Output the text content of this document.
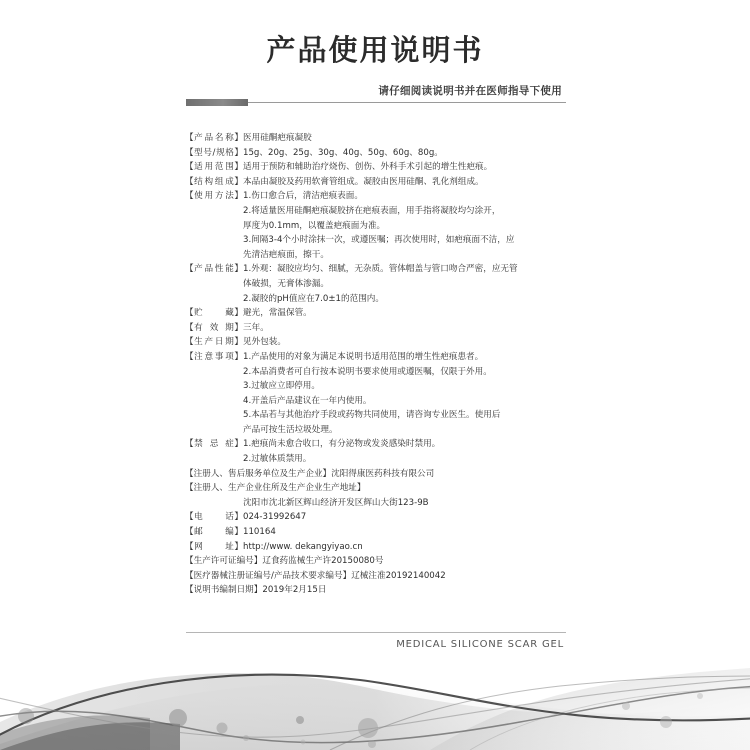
产品使用说明书
请仔细阅读说明书并在医师指导下使用
【 产 品 名 称 】 医用硅酮疤痕凝胶
【 型 号 / 规 格 】 15g、20g、25g、30g、40g、50g、60g、80g。
【 适 用 范 围 】 适用于预防和辅助治疗烧伤、创伤、外科手术引起的增生性疤痕。
【 结 构 组 成 】 本品由凝胶及药用软膏管组成。凝胶由医用硅酮、乳化剂组成。
【 使 用 方 法 】 1.伤口愈合后，清洁疤痕表面。
2.将适量医用硅酮疤痕凝胶挤在疤痕表面，用手指将凝胶均匀涂开，
厚度为0.1mm，以覆盖疤痕面为准。
3.间隔3-4个小时涂抹一次，或遵医嘱；再次使用时，如疤痕面不洁，应
先清洁疤痕面，擦干。
【 产 品 性 能 】 1.外观：凝胶应均匀、细腻，无杂质。管体帽盖与管口吻合严密，应无管
体破损，无膏体渗漏。
2.凝胶的pH值应在7.0±1的范围内。
【 贮	藏 】 避光，常温保管。
【 有 效 期 】 三年。
【 生 产 日 期 】 见外包装。
【 注 意 事 项 】 1.产品使用的对象为满足本说明书适用范围的增生性疤痕患者。
2.本品消费者可自行按本说明书要求使用或遵医嘱，仅限于外用。
3.过敏应立即停用。
4.开盖后产品建议在一年内使用。
5.本品若与其他治疗手段或药物共同使用，请咨询专业医生。使用后
产品可按生活垃圾处理。
【 禁 忌 症 】 1.疤痕尚未愈合收口，有分泌物或发炎感染时禁用。
2.过敏体质禁用。
【注册人、售后服务单位及生产企业】沈阳得康医药科技有限公司
【注册人、生产企业住所及生产企业生产地址】
沈阳市沈北新区辉山经济开发区辉山大街123-9B
【 电	话 】 024-31992647
【 邮	编 】 110164
【 网	址 】 http://www. dekangyiyao.cn
【生产许可证编号】辽食药监械生产许20150080号
【医疗器械注册证编号/产品技术要求编号】辽械注准20192140042
【说明书编制日期】2019年2月15日
MEDICAL SILICONE SCAR GEL
